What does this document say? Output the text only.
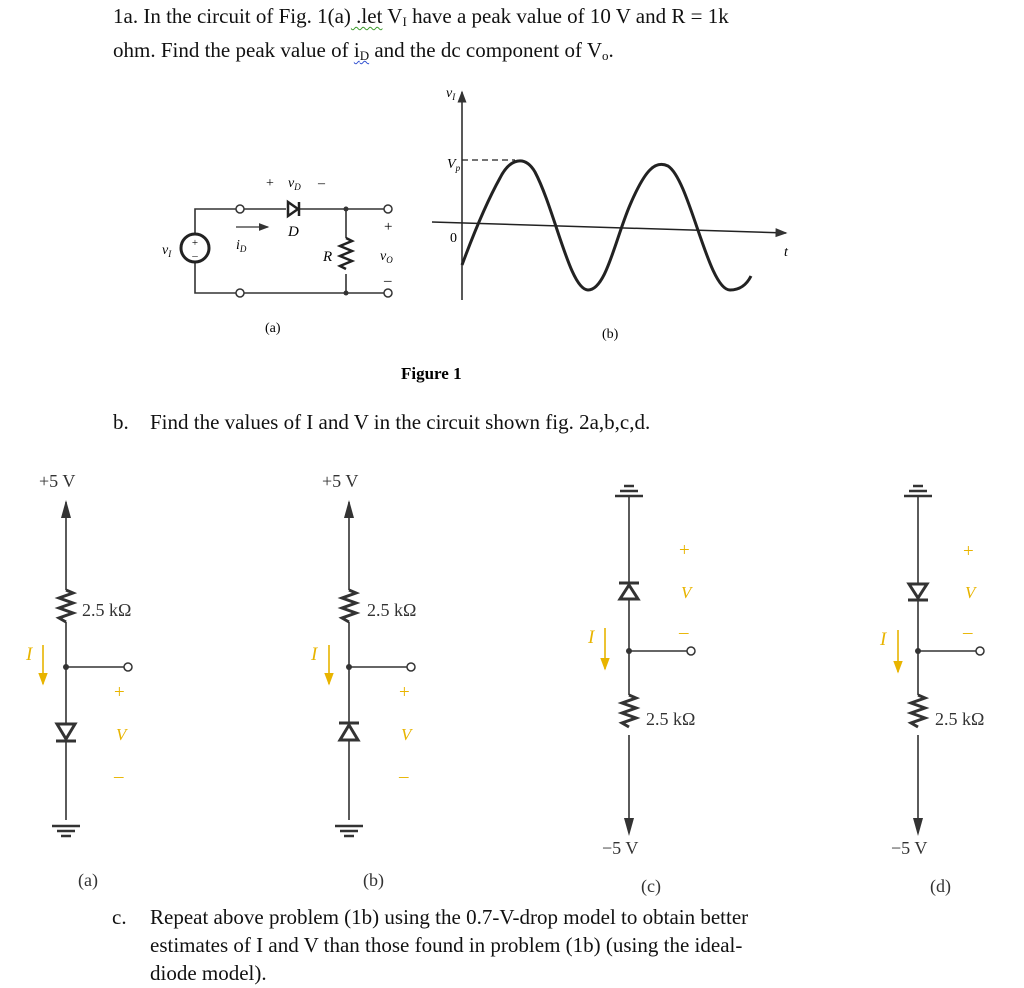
1a. In the circuit of Fig. 1(a) .let $V_I$ have a peak value of 10 V and R = 1k
ohm. Find the peak value of $i_D$ and the dc component of $V_o$.
b. Find the values of I and V in the circuit shown fig. 2a,b,c,d.
c. Repeat above problem (1b) using the 0.7-V-drop model to obtain better
estimates of I and V than those found in problem (1b) (using the ideal-
diode model).
+
–
+ $v_D$ –
D
$i_D$
$v_I$	R
+
$v_O$
–
(a)
$v_I$
$V_p$
0
t
(b)
Figure 1
I
+
V
–
+5 V
2.5 kΩ
(a)
I
+
V
–
+5 V
2.5 kΩ
(b)
I
+
V
–
−5 V
2.5 kΩ
(c)
I
+
V
–
−5 V
2.5 kΩ
(d)
